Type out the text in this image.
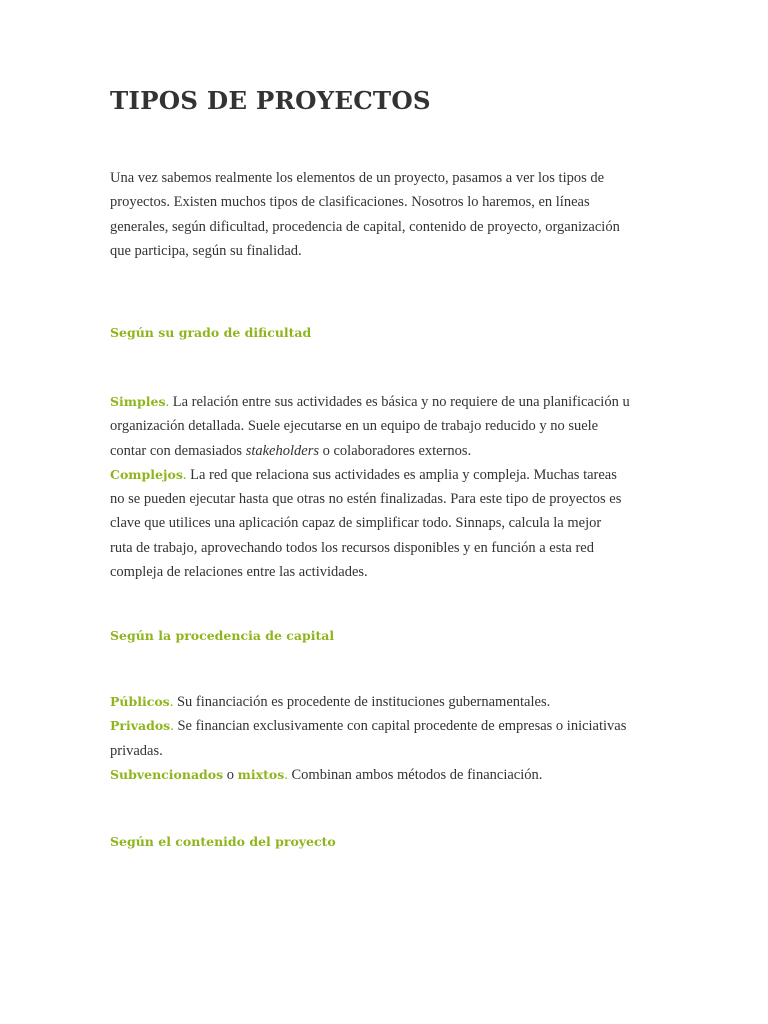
TIPOS DE PROYECTOS

Una vez sabemos realmente los elementos de un proyecto, pasamos a ver los tipos de
proyectos. Existen muchos tipos de clasificaciones. Nosotros lo haremos, en líneas
generales, según dificultad, procedencia de capital, contenido de proyecto, organización
que participa, según su finalidad.

Según su grado de dificultad

Simples. La relación entre sus actividades es básica y no requiere de una planificación u
organización detallada. Suele ejecutarse en un equipo de trabajo reducido y no suele
contar con demasiados stakeholders o colaboradores externos.
Complejos. La red que relaciona sus actividades es amplia y compleja. Muchas tareas
no se pueden ejecutar hasta que otras no estén finalizadas. Para este tipo de proyectos es
clave que utilices una aplicación capaz de simplificar todo. Sinnaps, calcula la mejor
ruta de trabajo, aprovechando todos los recursos disponibles y en función a esta red
compleja de relaciones entre las actividades.

Según la procedencia de capital

Públicos. Su financiación es procedente de instituciones gubernamentales.
Privados. Se financian exclusivamente con capital procedente de empresas o iniciativas
privadas.
Subvencionados o mixtos. Combinan ambos métodos de financiación.

Según el contenido del proyecto
